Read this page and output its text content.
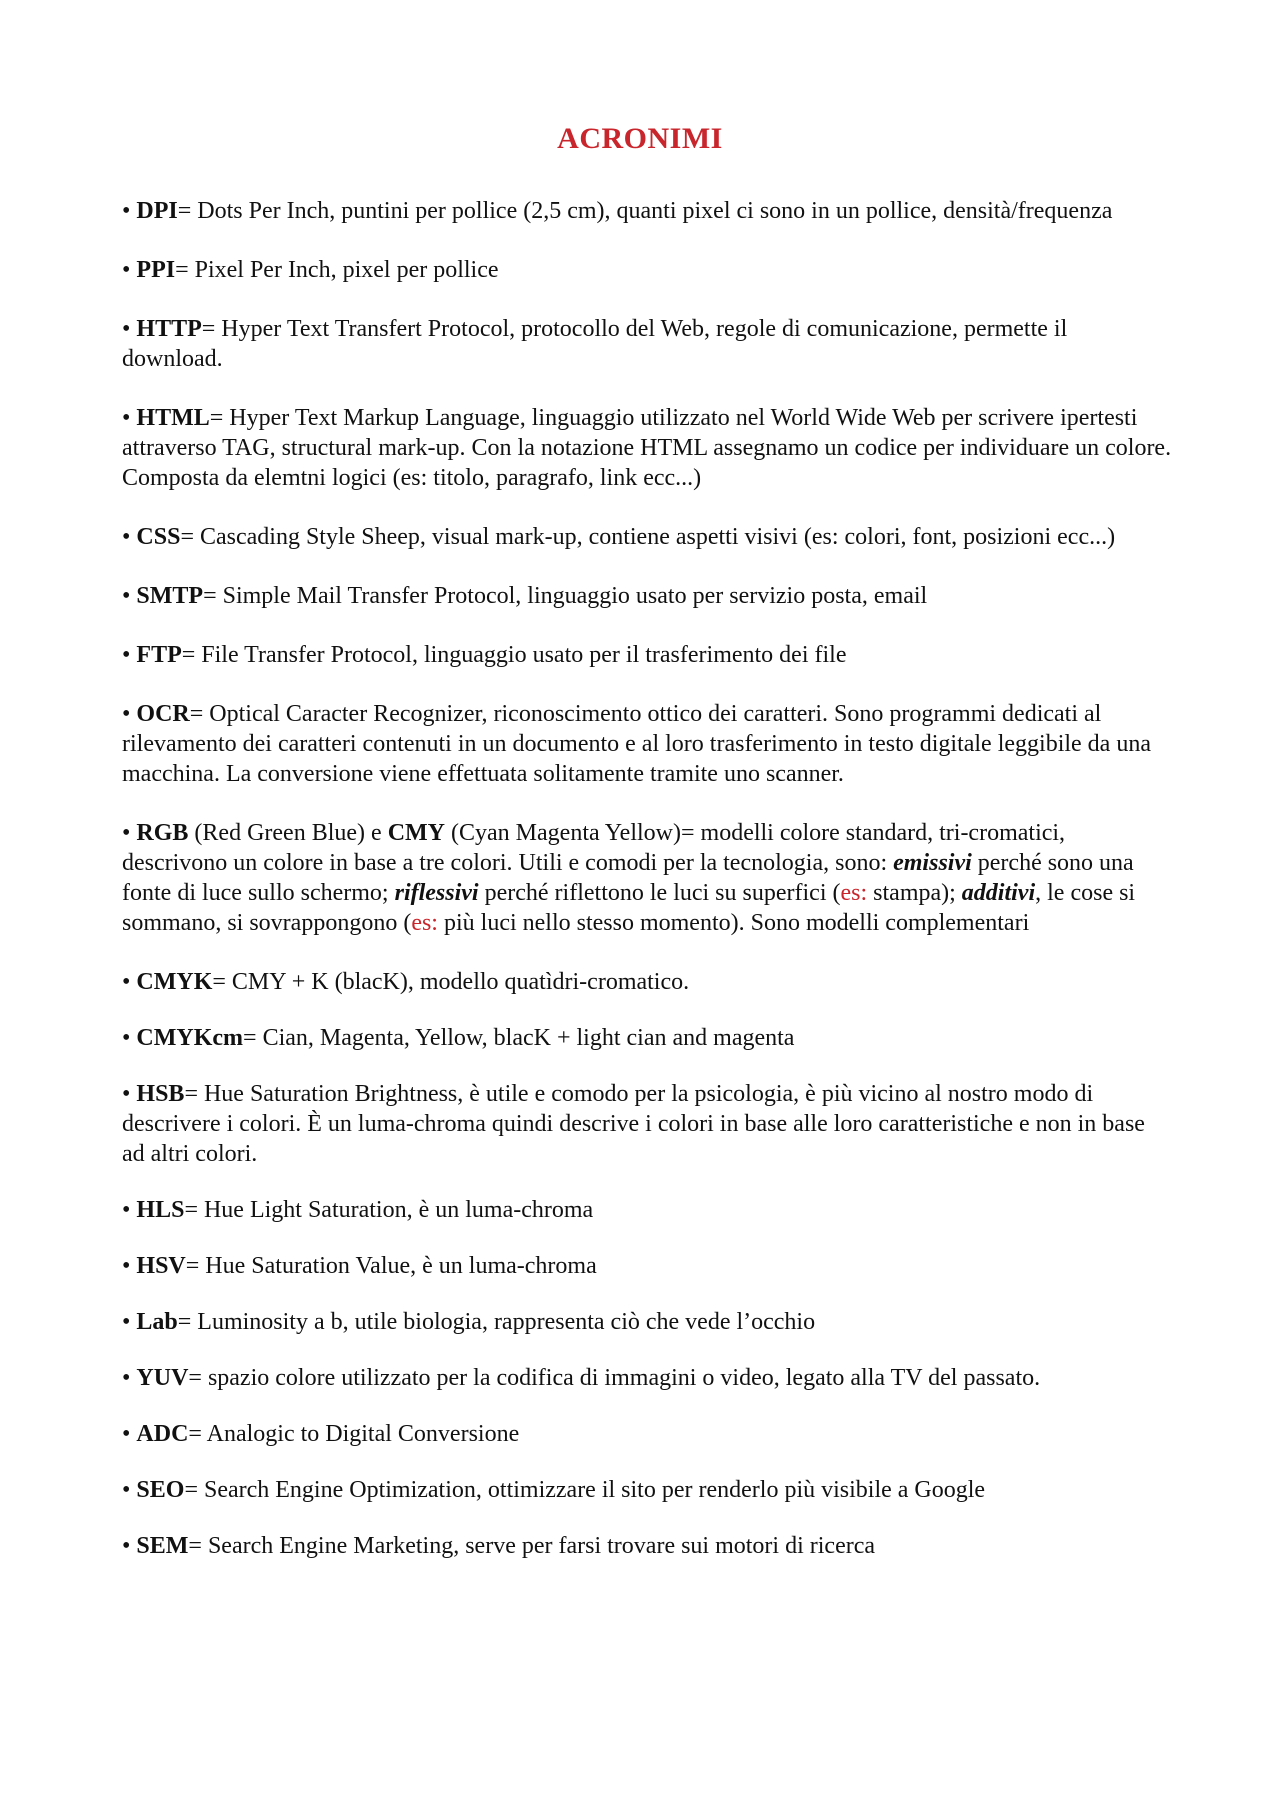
ACRONIMI

• DPI= Dots Per Inch, puntini per pollice (2,5 cm), quanti pixel ci sono in un pollice, densità/frequenza

• PPI= Pixel Per Inch, pixel per pollice

• HTTP= Hyper Text Transfert Protocol, protocollo del Web, regole di comunicazione, permette il download.

• HTML= Hyper Text Markup Language, linguaggio utilizzato nel World Wide Web per scrivere ipertesti attraverso TAG, structural mark-up. Con la notazione HTML assegnamo un codice per individuare un colore. Composta da elemtni logici (es: titolo, paragrafo, link ecc...)

• CSS= Cascading Style Sheep, visual mark-up, contiene aspetti visivi (es: colori, font, posizioni ecc...)

• SMTP= Simple Mail Transfer Protocol, linguaggio usato per servizio posta, email

• FTP= File Transfer Protocol, linguaggio usato per il trasferimento dei file

• OCR= Optical Caracter Recognizer, riconoscimento ottico dei caratteri. Sono programmi dedicati al rilevamento dei caratteri contenuti in un documento e al loro trasferimento in testo digitale leggibile da una macchina. La conversione viene effettuata solitamente tramite uno scanner.

• RGB (Red Green Blue) e CMY (Cyan Magenta Yellow)= modelli colore standard, tri-cromatici, descrivono un colore in base a tre colori. Utili e comodi per la tecnologia, sono: emissivi perché sono una fonte di luce sullo schermo; riflessivi perché riflettono le luci su superfici (es: stampa); additivi, le cose si sommano, si sovrappongono (es: più luci nello stesso momento). Sono modelli complementari

• CMYK= CMY + K (blacK), modello quatìdri-cromatico.

• CMYKcm= Cian, Magenta, Yellow, blacK + light cian and magenta

• HSB= Hue Saturation Brightness, è utile e comodo per la psicologia, è più vicino al nostro modo di descrivere i colori. È un luma-chroma quindi descrive i colori in base alle loro caratteristiche e non in base ad altri colori.

• HLS= Hue Light Saturation, è un luma-chroma

• HSV= Hue Saturation Value, è un luma-chroma

• Lab= Luminosity a b, utile biologia, rappresenta ciò che vede l’occhio

• YUV= spazio colore utilizzato per la codifica di immagini o video, legato alla TV del passato.

• ADC= Analogic to Digital Conversione

• SEO= Search Engine Optimization, ottimizzare il sito per renderlo più visibile a Google

• SEM= Search Engine Marketing, serve per farsi trovare sui motori di ricerca
